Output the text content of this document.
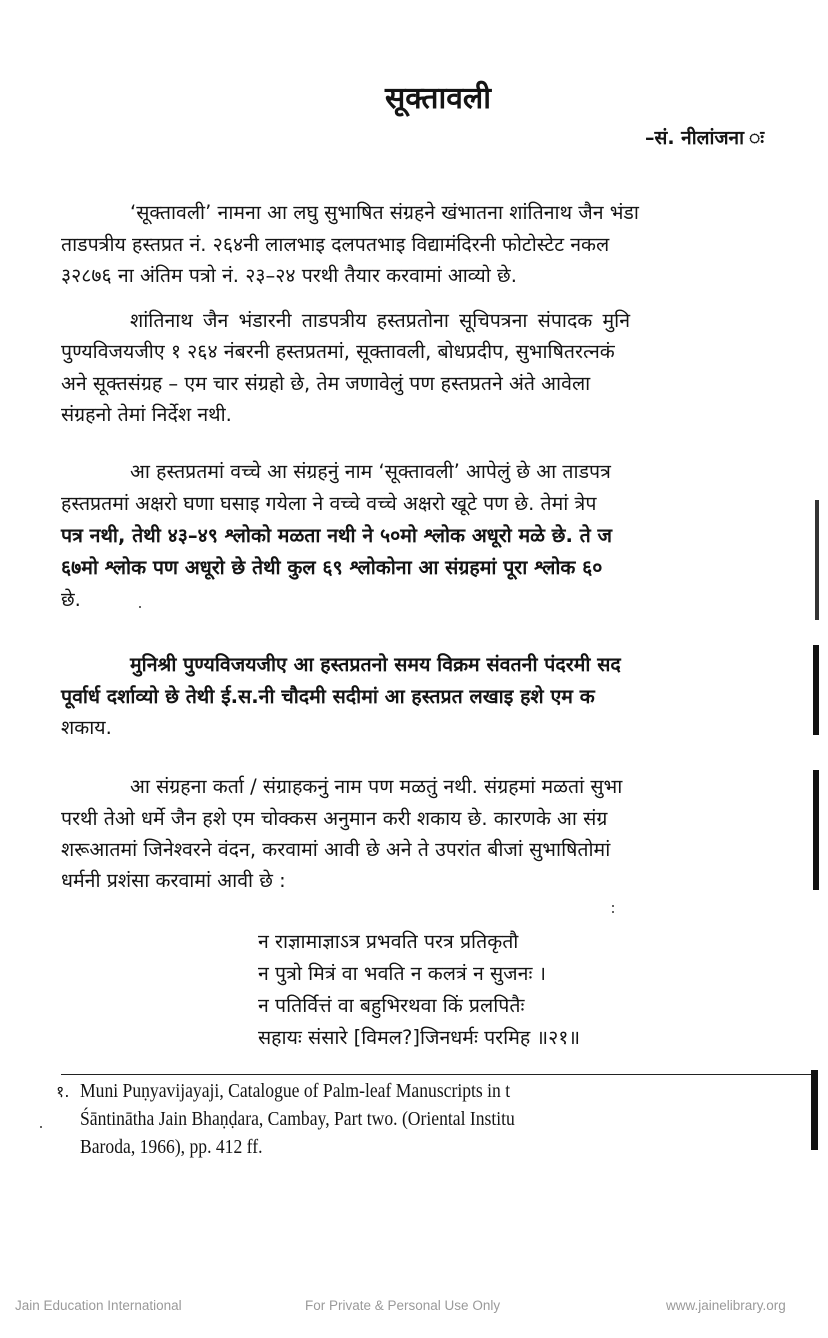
सूक्तावली
–सं. नीलांजना ः
‘सूक्तावली’ नामना आ लघु सुभाषित संग्रहने खंभातना शांतिनाथ जैन भंडा
ताडपत्रीय हस्तप्रत नं. २६४नी लालभाइ दलपतभाइ विद्यामंदिरनी फोटोस्टेट नकल
३२८७६ ना अंतिम पत्रो नं. २३–२४ परथी तैयार करवामां आव्यो छे.
शांतिनाथ जैन भंडारनी ताडपत्रीय हस्तप्रतोना सूचिपत्रना संपादक मुनि
पुण्यविजयजीए १ २६४ नंबरनी हस्तप्रतमां, सूक्तावली, बोधप्रदीप, सुभाषितरत्नकं
अने सूक्तसंग्रह – एम चार संग्रहो छे, तेम जणावेलुं पण हस्तप्रतने अंते आवेला
संग्रहनो तेमां निर्देश नथी.
आ हस्तप्रतमां वच्चे आ संग्रहनुं नाम ‘सूक्तावली’ आपेलुं छे आ ताडपत्र
हस्तप्रतमां अक्षरो घणा घसाइ गयेला ने वच्चे वच्चे अक्षरो खूटे पण छे. तेमां त्रेप
पत्र नथी, तेथी ४३–४९ श्लोको मळता नथी ने ५०मो श्लोक अधूरो मळे छे. ते ज
६७मो श्लोक पण अधूरो छे तेथी कुल ६९ श्लोकोना आ संग्रहमां पूरा श्लोक ६०
छे.
मुनिश्री पुण्यविजयजीए आ हस्तप्रतनो समय विक्रम संवतनी पंदरमी सद
पूर्वार्ध दर्शाव्यो छे तेथी ई.स.नी चौदमी सदीमां आ हस्तप्रत लखाइ हशे एम क
शकाय.
आ संग्रहना कर्ता / संग्राहकनुं नाम पण मळतुं नथी. संग्रहमां मळतां सुभा
परथी तेओ धर्मे जैन हशे एम चोक्कस अनुमान करी शकाय छे. कारणके आ संग्र
शरूआतमां जिनेश्वरने वंदन, करवामां आवी छे अने ते उपरांत बीजां सुभाषितोमां
धर्मनी प्रशंसा करवामां आवी छे :
न राज्ञामाज्ञाऽत्र प्रभवति परत्र प्रतिकृतौ
न पुत्रो मित्रं वा भवति न कलत्रं न सुजनः ।
न पतिर्वित्तं वा बहुभिरथवा किं प्रलपितैः
सहायः संसारे [विमल?]जिनधर्मः परमिह ॥२१॥
१. Muni Puṇyavijayaji, Catalogue of Palm-leaf Manuscripts in t
Śāntinātha Jain Bhaṇḍara, Cambay, Part two. (Oriental Institu
Baroda, 1966), pp. 412 ff.
Jain Education International	For Private & Personal Use Only	www.jainelibrary.org
